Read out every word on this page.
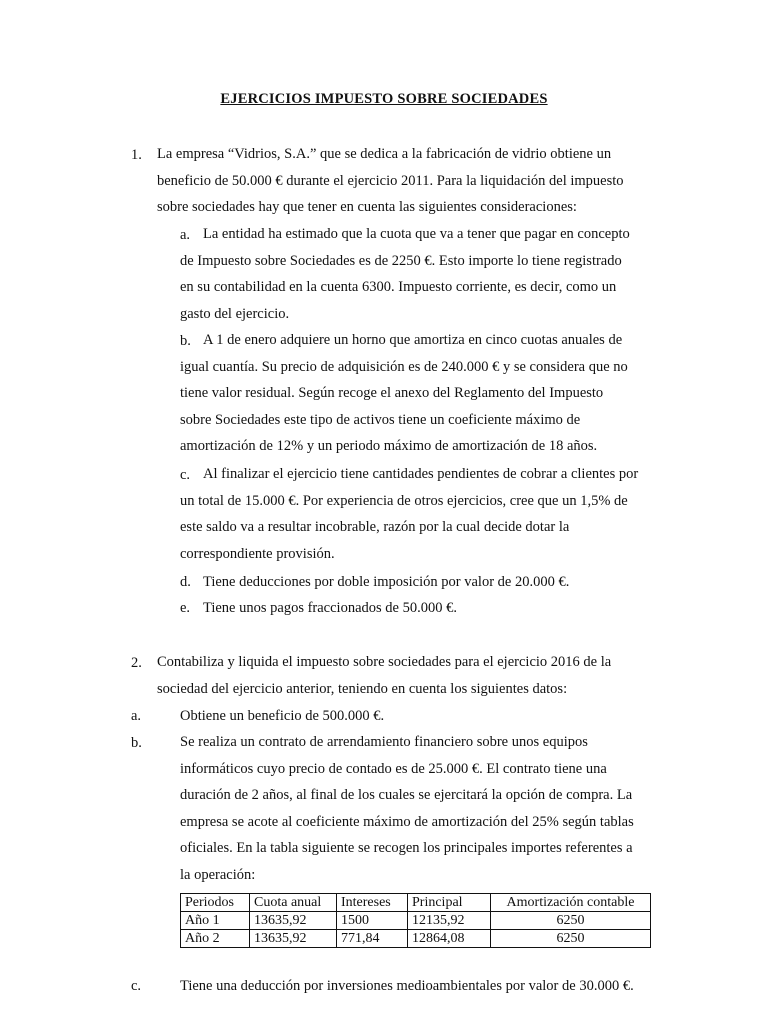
EJERCICIOS IMPUESTO SOBRE SOCIEDADES
1. La empresa “Vidrios, S.A.” que se dedica a la fabricación de vidrio obtiene un
beneficio de 50.000 € durante el ejercicio 2011. Para la liquidación del impuesto
sobre sociedades hay que tener en cuenta las siguientes consideraciones:
a. La entidad ha estimado que la cuota que va a tener que pagar en concepto
de Impuesto sobre Sociedades es de 2250 €. Esto importe lo tiene registrado
en su contabilidad en la cuenta 6300. Impuesto corriente, es decir, como un
gasto del ejercicio.
b. A 1 de enero adquiere un horno que amortiza en cinco cuotas anuales de
igual cuantía. Su precio de adquisición es de 240.000 € y se considera que no
tiene valor residual. Según recoge el anexo del Reglamento del Impuesto
sobre Sociedades este tipo de activos tiene un coeficiente máximo de
amortización de 12% y un periodo máximo de amortización de 18 años.
c. Al finalizar el ejercicio tiene cantidades pendientes de cobrar a clientes por
un total de 15.000 €. Por experiencia de otros ejercicios, cree que un 1,5% de
este saldo va a resultar incobrable, razón por la cual decide dotar la
correspondiente provisión.
d. Tiene deducciones por doble imposición por valor de 20.000 €.
e. Tiene unos pagos fraccionados de 50.000 €.
2. Contabiliza y liquida el impuesto sobre sociedades para el ejercicio 2016 de la
sociedad del ejercicio anterior, teniendo en cuenta los siguientes datos:
a.	Obtiene un beneficio de 500.000 €.
b.	Se realiza un contrato de arrendamiento financiero sobre unos equipos
informáticos cuyo precio de contado es de 25.000 €. El contrato tiene una
duración de 2 años, al final de los cuales se ejercitará la opción de compra. La
empresa se acote al coeficiente máximo de amortización del 25% según tablas
oficiales. En la tabla siguiente se recogen los principales importes referentes a
la operación:
Periodos	Cuota anual	Intereses	Principal	Amortización contable
Año 1	13635,92	1500	12135,92	6250
Año 2	13635,92	771,84	12864,08	6250
c.	Tiene una deducción por inversiones medioambientales por valor de 30.000 €.
